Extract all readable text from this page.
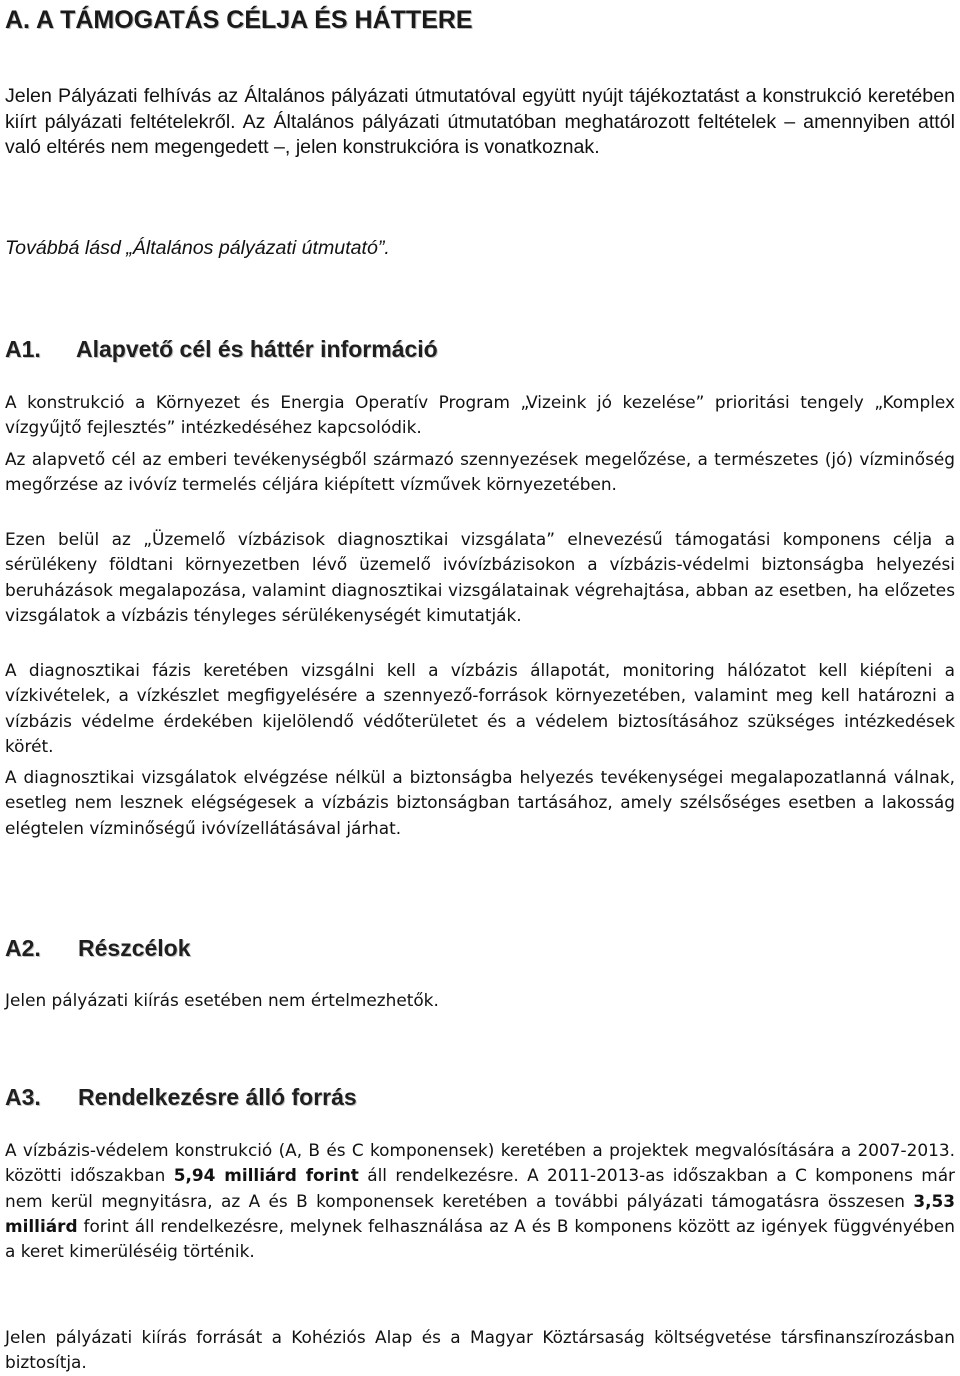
A. A TÁMOGATÁS CÉLJA ÉS HÁTTERE

Jelen Pályázati felhívás az Általános pályázati útmutatóval együtt nyújt tájékoztatást a konstrukció keretében kiírt pályázati feltételekről. Az Általános pályázati útmutatóban meghatározott feltételek – amennyiben attól való eltérés nem megengedett –, jelen konstrukcióra is vonatkoznak.

Továbbá lásd „Általános pályázati útmutató”.

A1. Alapvető cél és háttér információ

A konstrukció a Környezet és Energia Operatív Program „Vizeink jó kezelése” prioritási tengely „Komplex vízgyűjtő fejlesztés” intézkedéséhez kapcsolódik.

Az alapvető cél az emberi tevékenységből származó szennyezések megelőzése, a természetes (jó) vízminőség megőrzése az ivóvíz termelés céljára kiépített vízművek környezetében.

Ezen belül az „Üzemelő vízbázisok diagnosztikai vizsgálata” elnevezésű támogatási komponens célja a sérülékeny földtani környezetben lévő üzemelő ivóvízbázisokon a vízbázis-védelmi biztonságba helyezési beruházások megalapozása, valamint diagnosztikai vizsgálatainak végrehajtása, abban az esetben, ha előzetes vizsgálatok a vízbázis tényleges sérülékenységét kimutatják.

A diagnosztikai fázis keretében vizsgálni kell a vízbázis állapotát, monitoring hálózatot kell kiépíteni a vízkivételek, a vízkészlet megfigyelésére a szennyező-források környezetében, valamint meg kell határozni a vízbázis védelme érdekében kijelölendő védőterületet és a védelem biztosításához szükséges intézkedések körét.

A diagnosztikai vizsgálatok elvégzése nélkül a biztonságba helyezés tevékenységei megalapozatlanná válnak, esetleg nem lesznek elégségesek a vízbázis biztonságban tartásához, amely szélsőséges esetben a lakosság elégtelen vízminőségű ivóvízellátásával járhat.

A2. Részcélok

Jelen pályázati kiírás esetében nem értelmezhetők.

A3. Rendelkezésre álló forrás

A vízbázis-védelem konstrukció (A, B és C komponensek) keretében a projektek megvalósítására a 2007-2013. közötti időszakban 5,94 milliárd forint áll rendelkezésre. A 2011-2013-as időszakban a C komponens már nem kerül megnyitásra, az A és B komponensek keretében a további pályázati támogatásra összesen 3,53 milliárd forint áll rendelkezésre, melynek felhasználása az A és B komponens között az igények függvényében a keret kimerüléséig történik.

Jelen pályázati kiírás forrását a Kohéziós Alap és a Magyar Köztársaság költségvetése társfinanszírozásban biztosítja.
